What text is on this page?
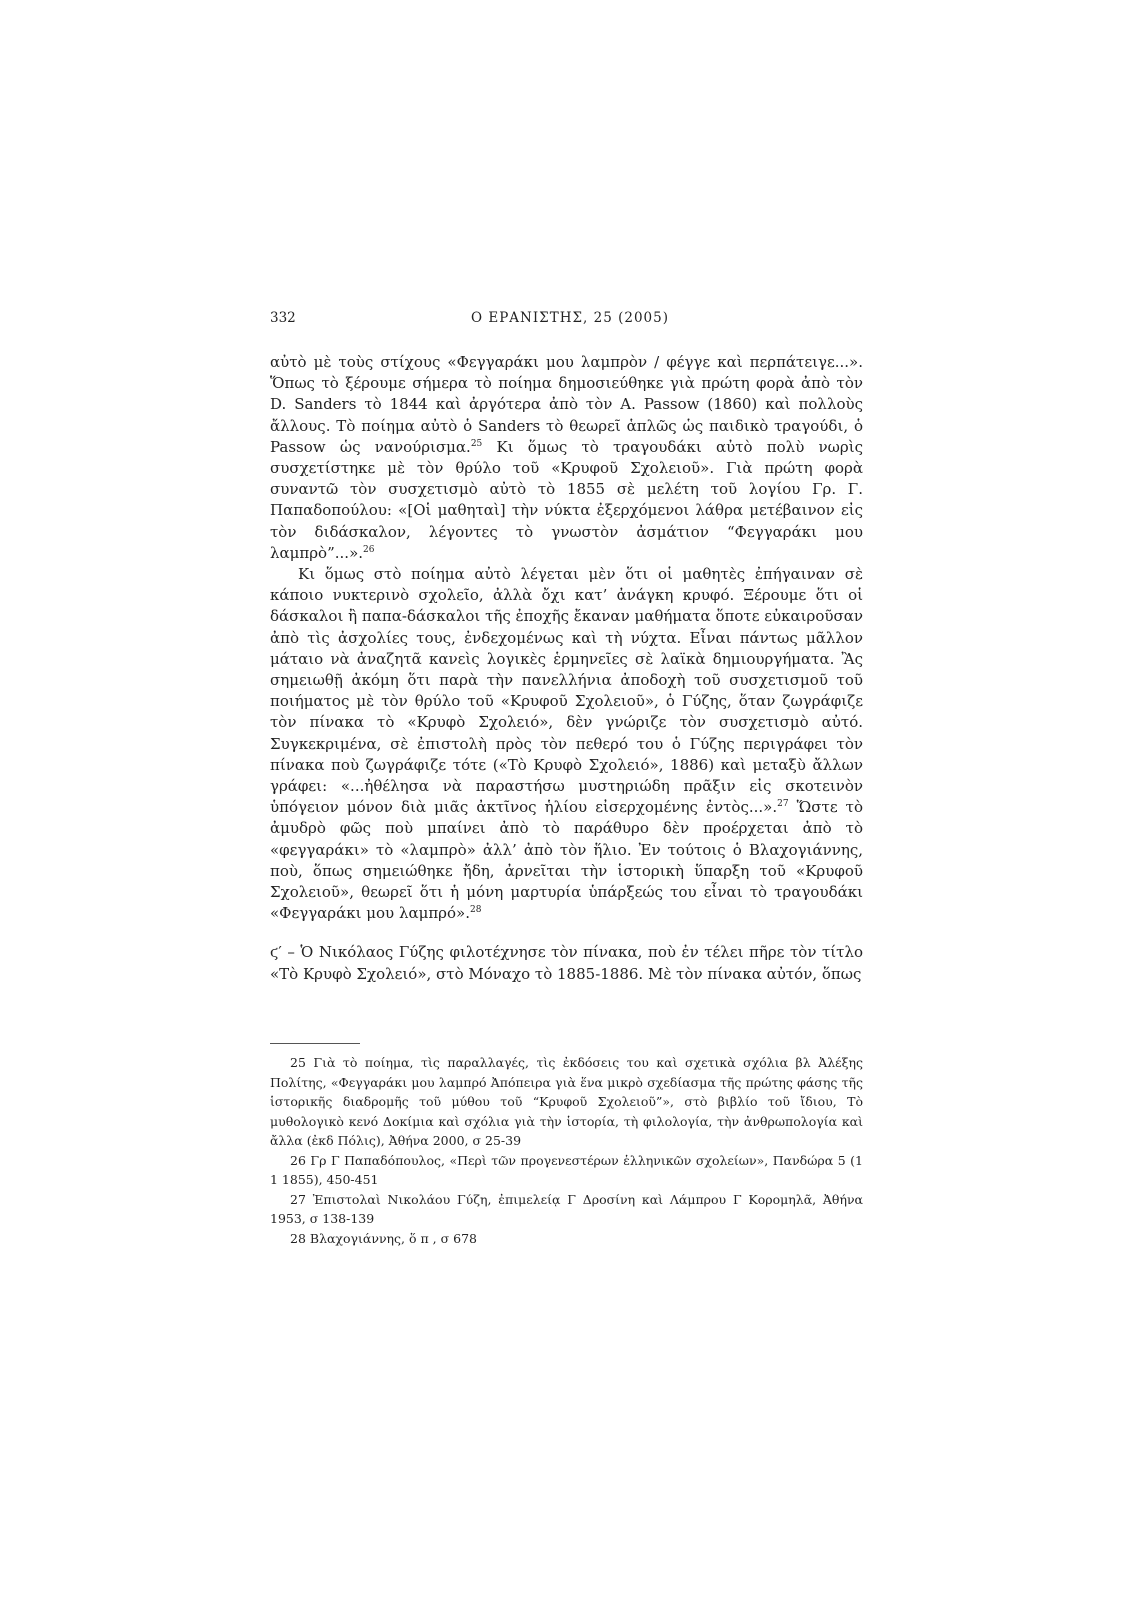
332	Ο ΕΡΑΝΙΣΤΗΣ, 25 (2005)

αὐτὸ μὲ τοὺς στίχους «Φεγγαράκι μου λαμπρὸν / φέγγε καὶ περπάτειγε...». Ὅπως τὸ ξέρουμε σήμερα τὸ ποίημα δημοσιεύθηκε γιὰ πρώτη φορὰ ἀπὸ τὸν D. Sanders τὸ 1844 καὶ ἀργότερα ἀπὸ τὸν A. Passow (1860) καὶ πολλοὺς ἄλλους. Τὸ ποίημα αὐτὸ ὁ Sanders τὸ θεωρεῖ ἁπλῶς ὡς παιδικὸ τραγούδι, ὁ Passow ὡς νανούρισμα.$^{25}$ Κι ὅμως τὸ τραγουδάκι αὐτὸ πολὺ νωρὶς συσχετίστηκε μὲ τὸν θρύλο τοῦ «Κρυφοῦ Σχολειοῦ». Γιὰ πρώτη φορὰ συναντῶ τὸν συσχετισμὸ αὐτὸ τὸ 1855 σὲ μελέτη τοῦ λογίου Γρ. Γ. Παπαδοπούλου: «[Οἱ μαθηταὶ] τὴν νύκτα ἐξερχόμενοι λάθρα μετέβαινον εἰς τὸν διδάσκαλον, λέγοντες τὸ γνωστὸν ἀσμάτιον “Φεγγαράκι μου λαμπρὸ”...».$^{26}$

Κι ὅμως στὸ ποίημα αὐτὸ λέγεται μὲν ὅτι οἱ μαθητὲς ἐπήγαιναν σὲ κάποιο νυκτερινὸ σχολεῖο, ἀλλὰ ὄχι κατ’ ἀνάγκη κρυφό. Ξέρουμε ὅτι οἱ δάσκαλοι ἢ παπα-δάσκαλοι τῆς ἐποχῆς ἔκαναν μαθήματα ὅποτε εὐκαιροῦσαν ἀπὸ τὶς ἀσχολίες τους, ἐνδεχομένως καὶ τὴ νύχτα. Εἶναι πάντως μᾶλλον μάταιο νὰ ἀναζητᾶ κανεὶς λογικὲς ἑρμηνεῖες σὲ λαϊκὰ δημιουργήματα. Ἂς σημειωθῇ ἀκόμη ὅτι παρὰ τὴν πανελλήνια ἀποδοχὴ τοῦ συσχετισμοῦ τοῦ ποιήματος μὲ τὸν θρύλο τοῦ «Κρυφοῦ Σχολειοῦ», ὁ Γύζης, ὅταν ζωγράφιζε τὸν πίνακα τὸ «Κρυφὸ Σχολειό», δὲν γνώριζε τὸν συσχετισμὸ αὐτό. Συγκεκριμένα, σὲ ἐπιστολὴ πρὸς τὸν πεθερό του ὁ Γύζης περιγράφει τὸν πίνακα ποὺ ζωγράφιζε τότε («Τὸ Κρυφὸ Σχολειό», 1886) καὶ μεταξὺ ἄλλων γράφει: «...ἠθέλησα νὰ παραστήσω μυστηριώδη πρᾶξιν εἰς σκοτεινὸν ὑπόγειον μόνον διὰ μιᾶς ἀκτῖνος ἡλίου εἰσερχομένης ἐντὸς...».$^{27}$ Ὥστε τὸ ἀμυδρὸ φῶς ποὺ μπαίνει ἀπὸ τὸ παράθυρο δὲν προέρχεται ἀπὸ τὸ «φεγγαράκι» τὸ «λαμπρὸ» ἀλλ’ ἀπὸ τὸν ἥλιο. Ἐν τούτοις ὁ Βλαχογιάννης, ποὺ, ὅπως σημειώθηκε ἤδη, ἀρνεῖται τὴν ἱστορικὴ ὕπαρξη τοῦ «Κρυφοῦ Σχολειοῦ», θεωρεῖ ὅτι ἡ μόνη μαρτυρία ὑπάρξεώς του εἶναι τὸ τραγουδάκι «Φεγγαράκι μου λαμπρό».$^{28}$

ϛ′ – Ὁ Νικόλαος Γύζης φιλοτέχνησε τὸν πίνακα, ποὺ ἐν τέλει πῆρε τὸν τίτλο «Τὸ Κρυφὸ Σχολειό», στὸ Μόναχο τὸ 1885-1886. Μὲ τὸν πίνακα αὐτόν, ὅπως

25 Γιὰ τὸ ποίημα, τὶς παραλλαγές, τὶς ἐκδόσεις του καὶ σχετικὰ σχόλια βλ Ἀλέξης Πολίτης, «Φεγγαράκι μου λαμπρό Ἀπόπειρα γιὰ ἕνα μικρὸ σχεδίασμα τῆς πρώτης φάσης τῆς ἱστορικῆς διαδρομῆς τοῦ μύθου τοῦ “Κρυφοῦ Σχολειοῦ”», στὸ βιβλίο τοῦ ἴδιου, Τὸ μυθολογικὸ κενό Δοκίμια καὶ σχόλια γιὰ τὴν ἱστορία, τὴ φιλολογία, τὴν ἀνθρωπολογία καὶ ἄλλα (ἐκδ Πόλις), Ἀθήνα 2000, σ 25-39

26 Γρ Γ Παπαδόπουλος, «Περὶ τῶν προγενεστέρων ἑλληνικῶν σχολείων», Πανδώρα 5 (1 1 1855), 450-451

27 Ἐπιστολαὶ Νικολάου Γύζη, ἐπιμελείᾳ Γ Δροσίνη καὶ Λάμπρου Γ Κορομηλᾶ, Ἀθήνα 1953, σ 138-139

28 Βλαχογιάννης, ὅ π , σ 678
